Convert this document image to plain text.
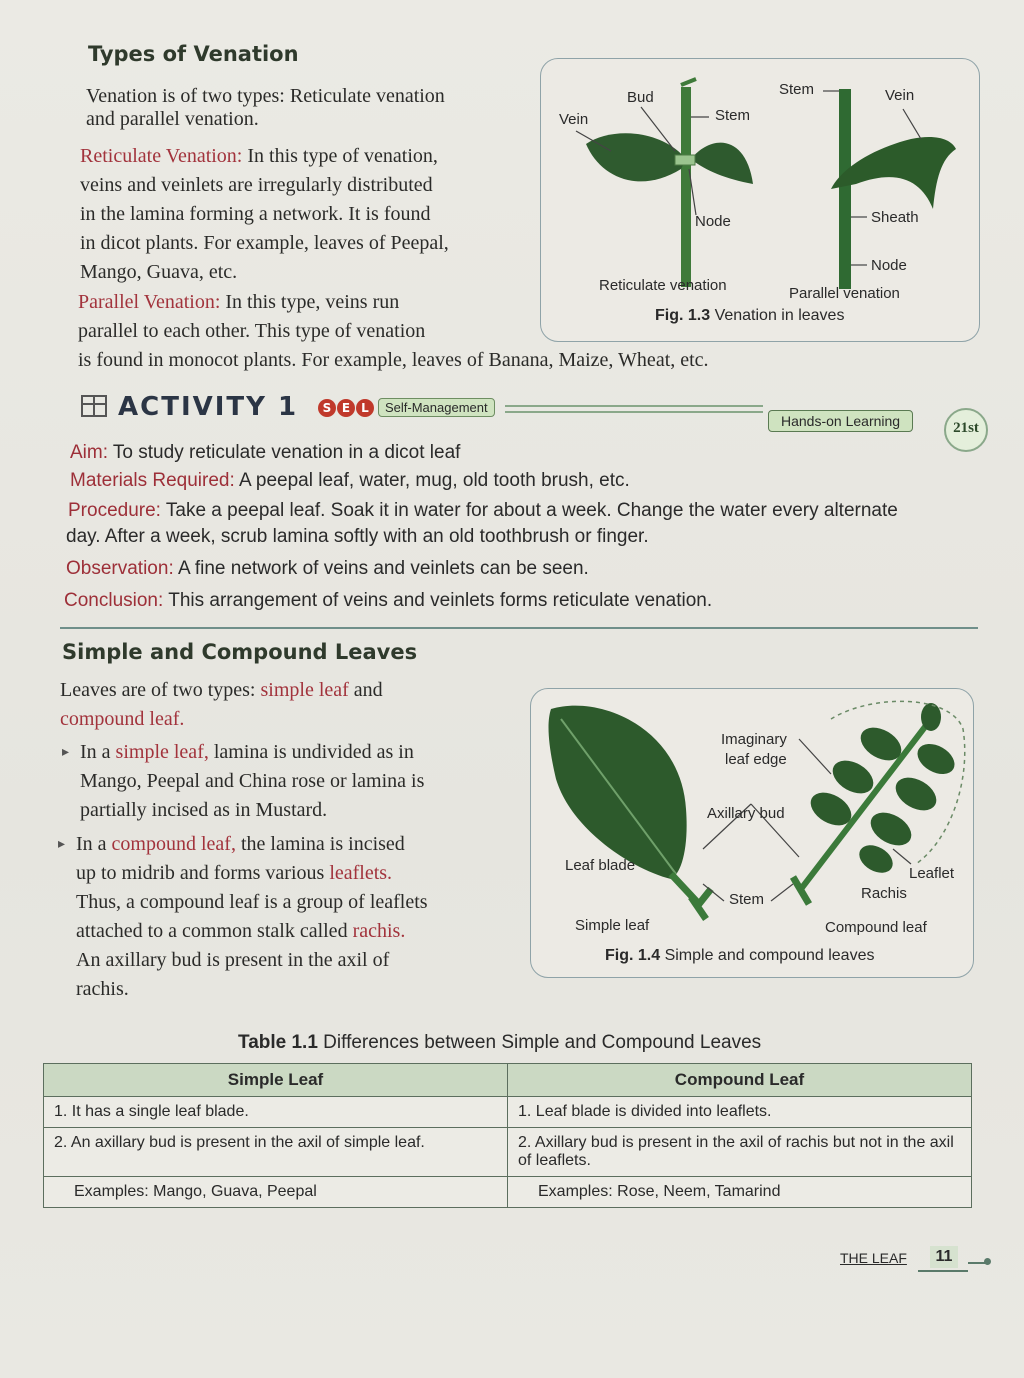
Types of Venation
Venation is of two types: Reticulate venation
and parallel venation.
Reticulate Venation: In this type of venation,
veins and veinlets are irregularly distributed
in the lamina forming a network. It is found
in dicot plants. For example, leaves of Peepal,
Mango, Guava, etc.
Parallel Venation: In this type, veins run
parallel to each other. This type of venation
is found in monocot plants. For example, leaves of Banana, Maize, Wheat, etc.
Vein
Bud
Stem
Node
Stem	Vein
Sheath
Node
Reticulate venation	Parallel venation
Fig. 1.3 Venation in leaves
ACTIVITY 1	S E L	Self-Management
Hands-on Learning	21st
Aim: To study reticulate venation in a dicot leaf
Materials Required: A peepal leaf, water, mug, old tooth brush, etc.
Procedure: Take a peepal leaf. Soak it in water for about a week. Change the water every alternate
day. After a week, scrub lamina softly with an old toothbrush or finger.
Observation: A fine network of veins and veinlets can be seen.
Conclusion: This arrangement of veins and veinlets forms reticulate venation.
Simple and Compound Leaves
Leaves are of two types: simple leaf and
compound leaf.
▸ In a simple leaf, lamina is undivided as in
Mango, Peepal and China rose or lamina is
partially incised as in Mustard.
▸ In a compound leaf, the lamina is incised
up to midrib and forms various leaflets.
Thus, a compound leaf is a group of leaflets
attached to a common stalk called rachis.
An axillary bud is present in the axil of
rachis.
Imaginary
leaf edge
Axillary bud
Leaf blade
Stem
Leaflet
Rachis
Simple leaf	Compound leaf
Fig. 1.4 Simple and compound leaves
Table 1.1 Differences between Simple and Compound Leaves
Simple Leaf	Compound Leaf
1. It has a single leaf blade.	1. Leaf blade is divided into leaflets.
2. An axillary bud is present in the axil of simple leaf.	2. Axillary bud is present in the axil of rachis but not in the axil of leaflets.
Examples: Mango, Guava, Peepal	Examples: Rose, Neem, Tamarind
THE LEAF	11
